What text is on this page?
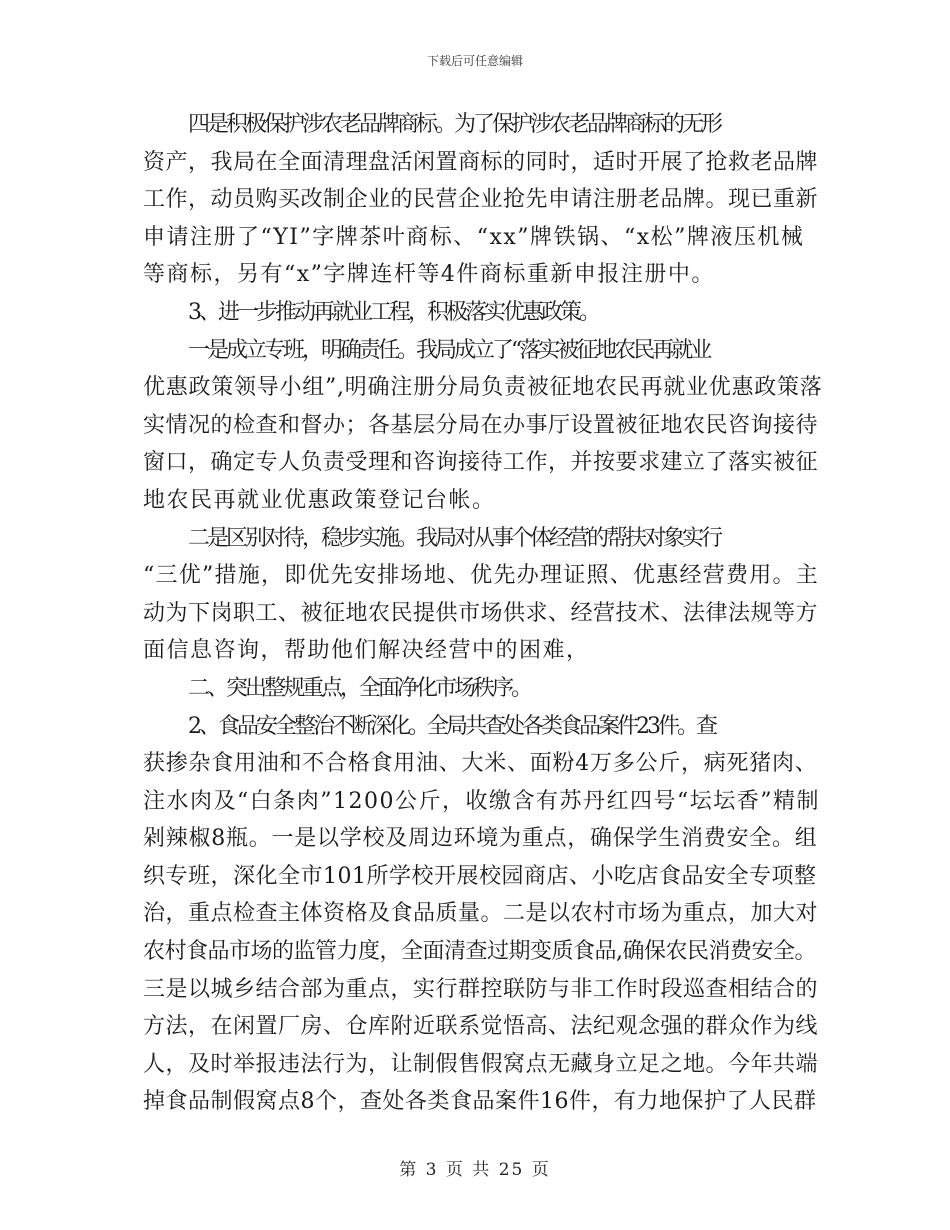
下载后可任意编辑
四是积极保护涉农老品牌商标。为了保护涉农老品牌商标的无形
资产，我局在全面清理盘活闲置商标的同时，适时开展了抢救老品牌
工作，动员购买改制企业的民营企业抢先申请注册老品牌。现已重新
申请注册了“YI”字牌茶叶商标、“xx”牌铁锅、“x松”牌液压机械
等商标，另有“x”字牌连杆等4件商标重新申报注册中。
3、进一步推动再就业工程，积极落实优惠政策。
一是成立专班，明确责任。我局成立了“落实被征地农民再就业
优惠政策领导小组”,明确注册分局负责被征地农民再就业优惠政策落
实情况的检查和督办；各基层分局在办事厅设置被征地农民咨询接待
窗口，确定专人负责受理和咨询接待工作，并按要求建立了落实被征
地农民再就业优惠政策登记台帐。
二是区别对待，稳步实施。我局对从事个体经营的帮扶对象实行
“三优”措施，即优先安排场地、优先办理证照、优惠经营费用。主
动为下岗职工、被征地农民提供市场供求、经营技术、法律法规等方
面信息咨询，帮助他们解决经营中的困难，
二、突出整规重点，全面净化市场秩序。
2、食品安全整治不断深化。全局共查处各类食品案件23件。查
获掺杂食用油和不合格食用油、大米、面粉4万多公斤，病死猪肉、
注水肉及“白条肉”1200公斤，收缴含有苏丹红四号“坛坛香”精制
剁辣椒8瓶。一是以学校及周边环境为重点，确保学生消费安全。组
织专班，深化全市101所学校开展校园商店、小吃店食品安全专项整
治，重点检查主体资格及食品质量。二是以农村市场为重点，加大对
农村食品市场的监管力度，全面清查过期变质食品,确保农民消费安全。
三是以城乡结合部为重点，实行群控联防与非工作时段巡查相结合的
方法，在闲置厂房、仓库附近联系觉悟高、法纪观念强的群众作为线
人，及时举报违法行为，让制假售假窝点无藏身立足之地。今年共端
掉食品制假窝点8个，查处各类食品案件16件，有力地保护了人民群
第 3 页 共 25 页
